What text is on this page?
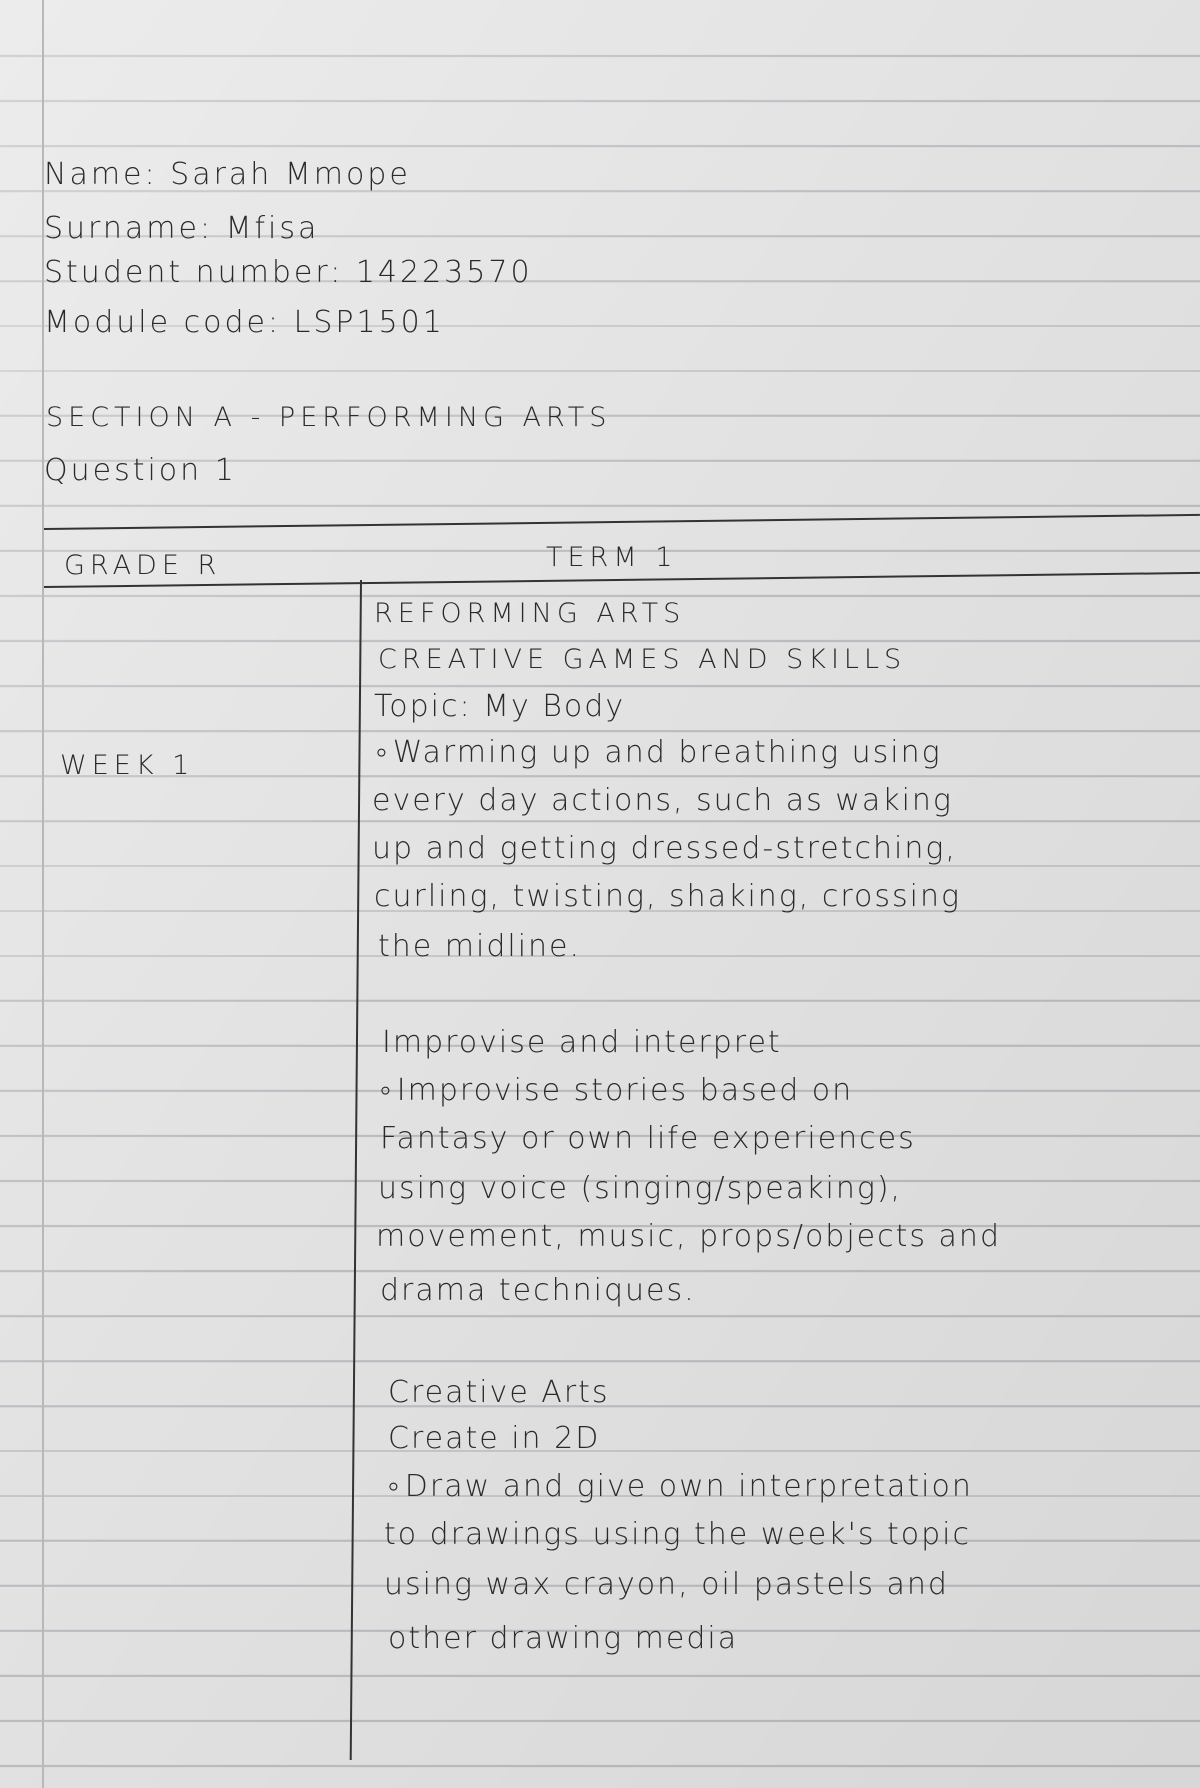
Name: Sarah Mmope
Surname: Mfisa
Student number: 14223570
Module code: LSP1501
SECTION A - PERFORMING ARTS
Question 1
GRADE R	TERM 1
WEEK 1
REFORMING ARTS
CREATIVE GAMES AND SKILLS
Topic: My Body
∘Warming up and breathing using
every day actions, such as waking
up and getting dressed-stretching,
curling, twisting, shaking, crossing
the midline.
Improvise and interpret
∘Improvise stories based on
Fantasy or own life experiences
using voice (singing/speaking),
movement, music, props/objects and
drama techniques.
Creative Arts
Create in 2D
∘Draw and give own interpretation
to drawings using the week's topic
using wax crayon, oil pastels and
other drawing media
